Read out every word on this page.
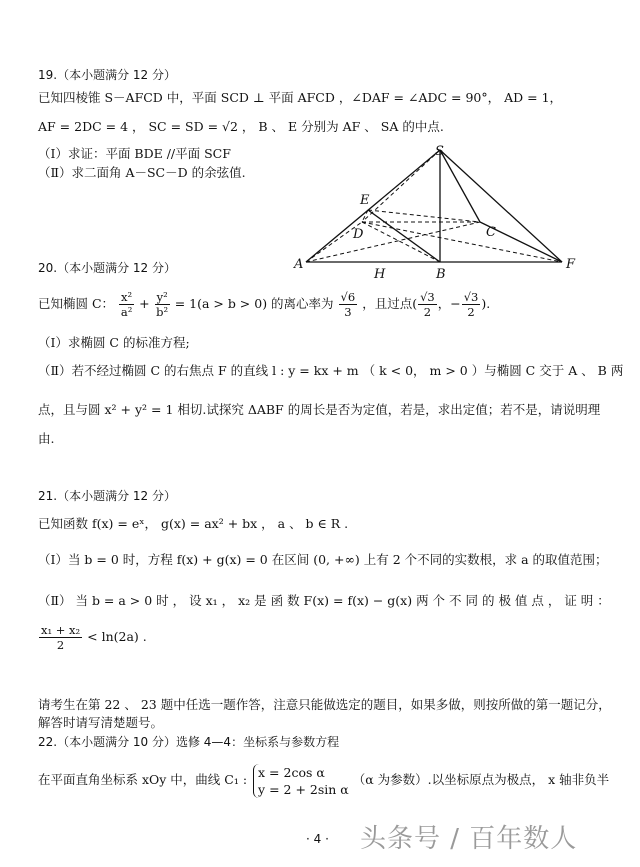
19.（本小题满分 12 分）
已知四棱锥 S－AFCD 中，平面 SCD ⊥ 平面 AFCD ，∠DAF = ∠ADC = 90°， AD = 1，
AF = 2DC = 4 ， SC = SD = √2 ， B 、 E 分别为 AF 、 SA 的中点.
（Ⅰ）求证：平面 BDE //平面 SCF
（Ⅱ）求二面角 A－SC－D 的余弦值.
S
E
D	C
A
H	B
F
20.（本小题满分 12 分）
已知椭圆 C： $\frac{\text{x²}}{\text{a²}} + \frac{\text{y²}}{\text{b²}} = 1(a > b > 0)$ 的离心率为 $\frac{√6}{3}$ ，且过点( $\frac{√3}{2}$ ，− $\frac{√3}{2}$ ).
（Ⅰ）求椭圆 C 的标准方程;
（Ⅱ）若不经过椭圆 C 的右焦点 F 的直线 l : y = kx + m （ k < 0， m > 0 ）与椭圆 C 交于 A 、 B 两
点，且与圆 x² + y² = 1 相切.试探究 ΔABF 的周长是否为定值，若是，求出定值；若不是，请说明理
由.
21.（本小题满分 12 分）
已知函数 f(x) = eˣ， g(x) = ax² + bx ， a 、 b ∈ R .
（Ⅰ）当 b = 0 时，方程 f(x) + g(x) = 0 在区间 (0, +∞) 上有 2 个不同的实数根，求 a 的取值范围；
（Ⅱ） 当 b = a > 0 时 ， 设 x₁ ， x₂ 是 函 数 F(x) = f(x) − g(x) 两 个 不 同 的 极 值 点 ， 证 明 ：
$\frac{\text{x₁ + x₂}}{2} < \ln(2a)$ .
请考生在第 22 、 23 题中任选一题作答，注意只能做选定的题目，如果多做，则按所做的第一题记分，
解答时请写清楚题号。
22.（本小题满分 10 分）选修 4—4：坐标系与参数方程
在平面直角坐标系 xOy 中，曲线 C₁ : x = 2cos α
y = 2 + 2sin α
（α 为参数）.以坐标原点为极点， x 轴非负半
· 4 · 头条号 / 百年数人
